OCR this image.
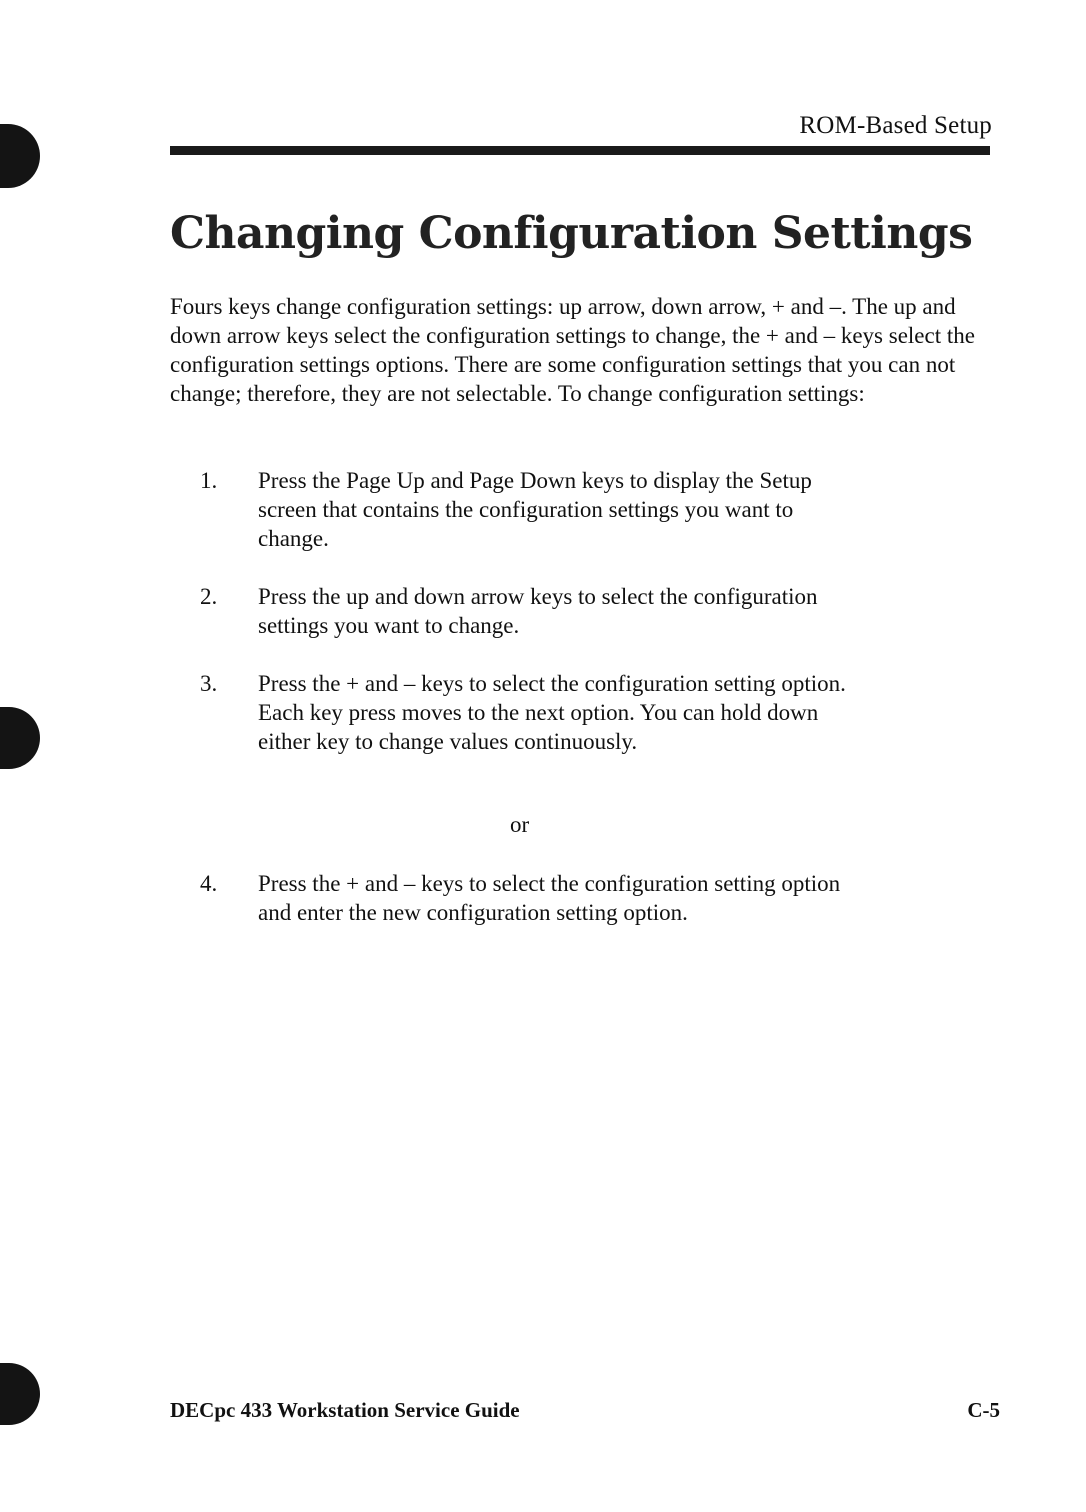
ROM-Based Setup
Changing Configuration Settings

Fours keys change configuration settings: up arrow, down arrow, + and –. The up and down arrow keys select the configuration settings to change, the + and – keys select the configuration settings options. There are some configuration settings that you can not change; therefore, they are not selectable. To change configuration settings:

1.	Press the Page Up and Page Down keys to display the Setup screen that contains the configuration settings you want to change.
2.	Press the up and down arrow keys to select the configuration settings you want to change.
3.	Press the + and – keys to select the configuration setting option. Each key press moves to the next option. You can hold down either key to change values continuously.
or
4.	Press the + and – keys to select the configuration setting option and enter the new configuration setting option.
DECpc 433 Workstation Service Guide	C-5
